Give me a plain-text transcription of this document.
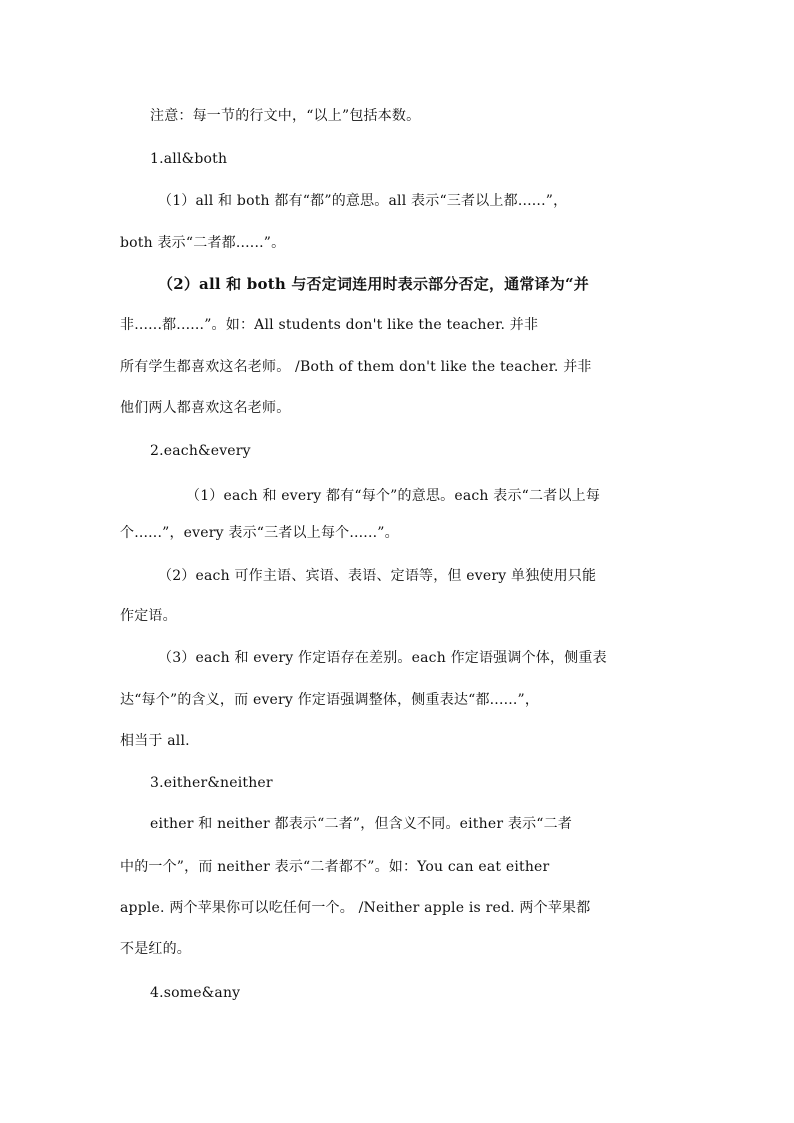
注意：每一节的行文中，“以上”包括本数。
1.all&both
（1）all 和 both 都有“都”的意思。all 表示“三者以上都......”，
both 表示“二者都......”。
（2）all 和 both 与否定词连用时表示部分否定，通常译为“并
非......都......”。如：All students don't like the teacher. 并非
所有学生都喜欢这名老师。 /Both of them don't like the teacher. 并非
他们两人都喜欢这名老师。
2.each&every
（1）each 和 every 都有“每个”的意思。each 表示“二者以上每
个......”，every 表示“三者以上每个......”。
（2）each 可作主语、宾语、表语、定语等，但 every 单独使用只能
作定语。
（3）each 和 every 作定语存在差别。each 作定语强调个体，侧重表
达“每个”的含义，而 every 作定语强调整体，侧重表达“都......”，
相当于 all.
3.either&neither
either 和 neither 都表示“二者”，但含义不同。either 表示“二者
中的一个”，而 neither 表示“二者都不”。如：You can eat either
apple. 两个苹果你可以吃任何一个。 /Neither apple is red. 两个苹果都
不是红的。
4.some&any
